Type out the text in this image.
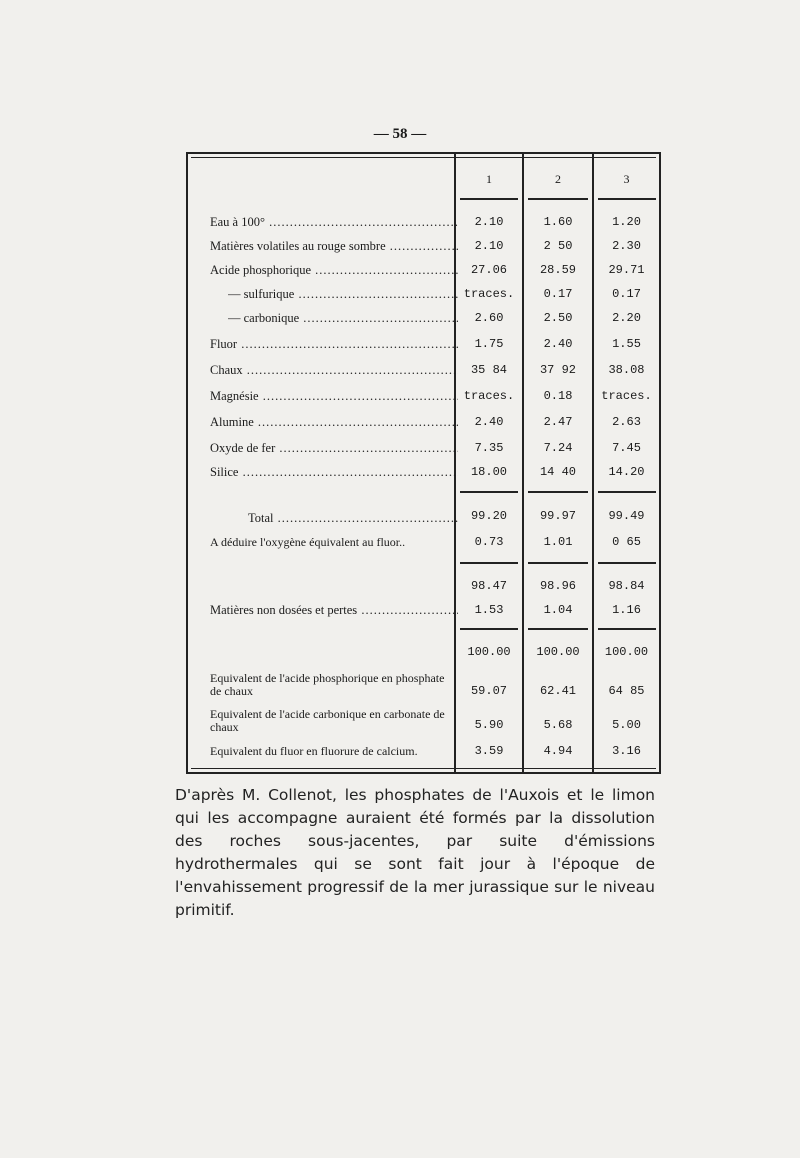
— 58 —
1	2	3
Eau à 100° .....	2.10	1.60	1.20
Matières volatiles au rouge sombre .....	2.10	2 50	2.30
Acide phosphorique .....	27.06	28.59	29.71
— sulfurique .....	traces.	0.17	0.17
— carbonique .....	2.60	2.50	2.20
Fluor .....	1.75	2.40	1.55
Chaux .....	35 84	37 92	38.08
Magnésie .....	traces.	0.18	traces.
Alumine .....	2.40	2.47	2.63
Oxyde de fer .....	7.35	7.24	7.45
Silice .....	18.00	14 40	14.20
Total .....	99.20	99.97	99.49
A déduire l'oxygène équivalent au fluor..	0.73	1.01	0 65
98.47	98.96	98.84
Matières non dosées et pertes .....	1.53	1.04	1.16
100.00	100.00	100.00
Equivalent de l'acide phosphorique en phosphate de chaux	59.07	62.41	64 85
Equivalent de l'acide carbonique en carbonate de chaux	5.90	5.68	5.00
Equivalent du fluor en fluorure de calcium.	3.59	4.94	3.16
D'après M. Collenot, les phosphates de l'Auxois et le limon qui les accompagne auraient été formés par la dissolution des roches sous-jacentes, par suite d'émissions hydrothermales qui se sont fait jour à l'époque de l'envahissement progressif de la mer jurassique sur le niveau primitif.
